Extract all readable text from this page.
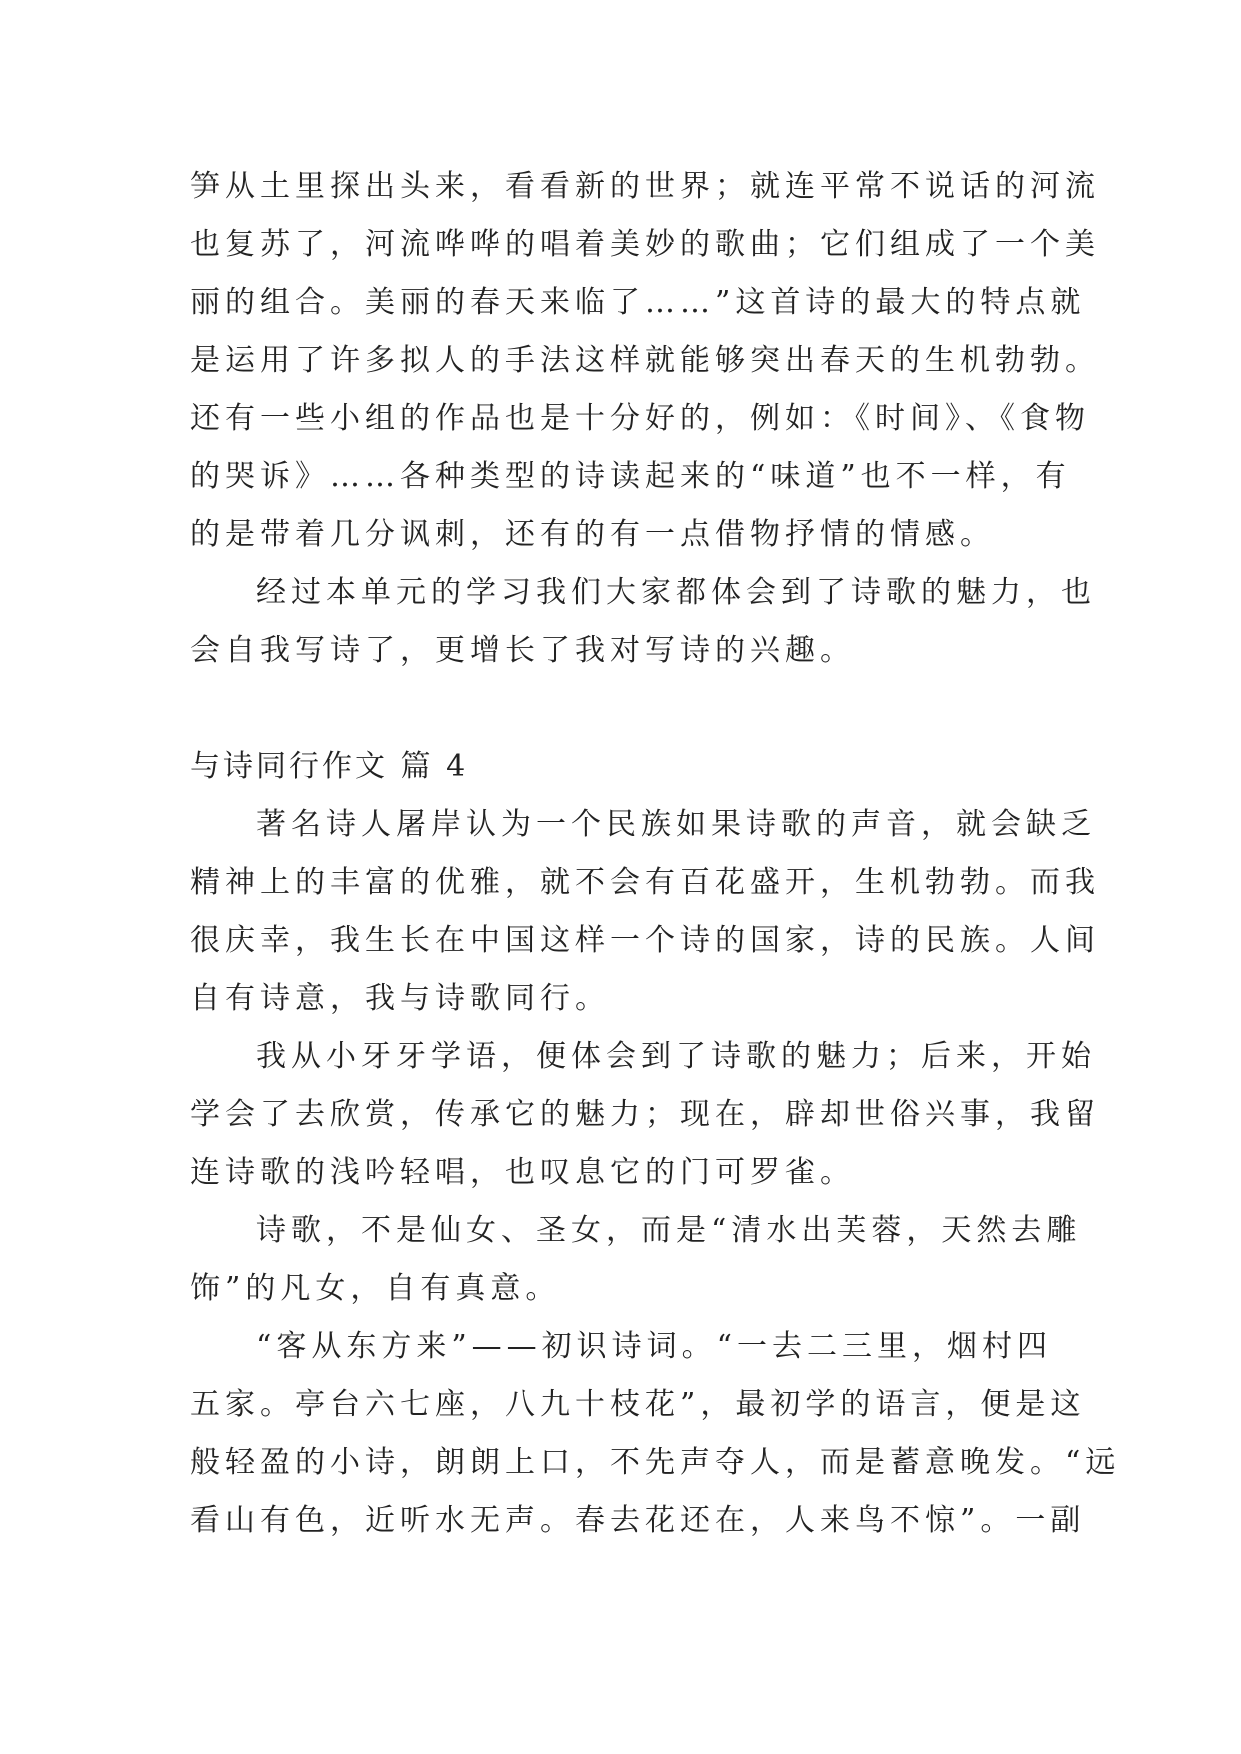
笋从土里探出头来，看看新的世界；就连平常不说话的河流
也复苏了，河流哗哗的唱着美妙的歌曲；它们组成了一个美
丽的组合。美丽的春天来临了……”这首诗的最大的特点就
是运用了许多拟人的手法这样就能够突出春天的生机勃勃。
还有一些小组的作品也是十分好的，例如：《时间》、《食物
的哭诉》……各种类型的诗读起来的“味道”也不一样，有
的是带着几分讽刺，还有的有一点借物抒情的情感。
经过本单元的学习我们大家都体会到了诗歌的魅力，也
会自我写诗了，更增长了我对写诗的兴趣。
与诗同行作文 篇 4
著名诗人屠岸认为一个民族如果诗歌的声音，就会缺乏
精神上的丰富的优雅，就不会有百花盛开，生机勃勃。而我
很庆幸，我生长在中国这样一个诗的国家，诗的民族。人间
自有诗意，我与诗歌同行。
我从小牙牙学语，便体会到了诗歌的魅力；后来，开始
学会了去欣赏，传承它的魅力；现在，辟却世俗兴事，我留
连诗歌的浅吟轻唱，也叹息它的门可罗雀。
诗歌，不是仙女、圣女，而是“清水出芙蓉，天然去雕
饰”的凡女，自有真意。
“客从东方来”——初识诗词。“一去二三里，烟村四
五家。亭台六七座，八九十枝花”，最初学的语言，便是这
般轻盈的小诗，朗朗上口，不先声夺人，而是蓄意晚发。“远
看山有色，近听水无声。春去花还在，人来鸟不惊”。一副
